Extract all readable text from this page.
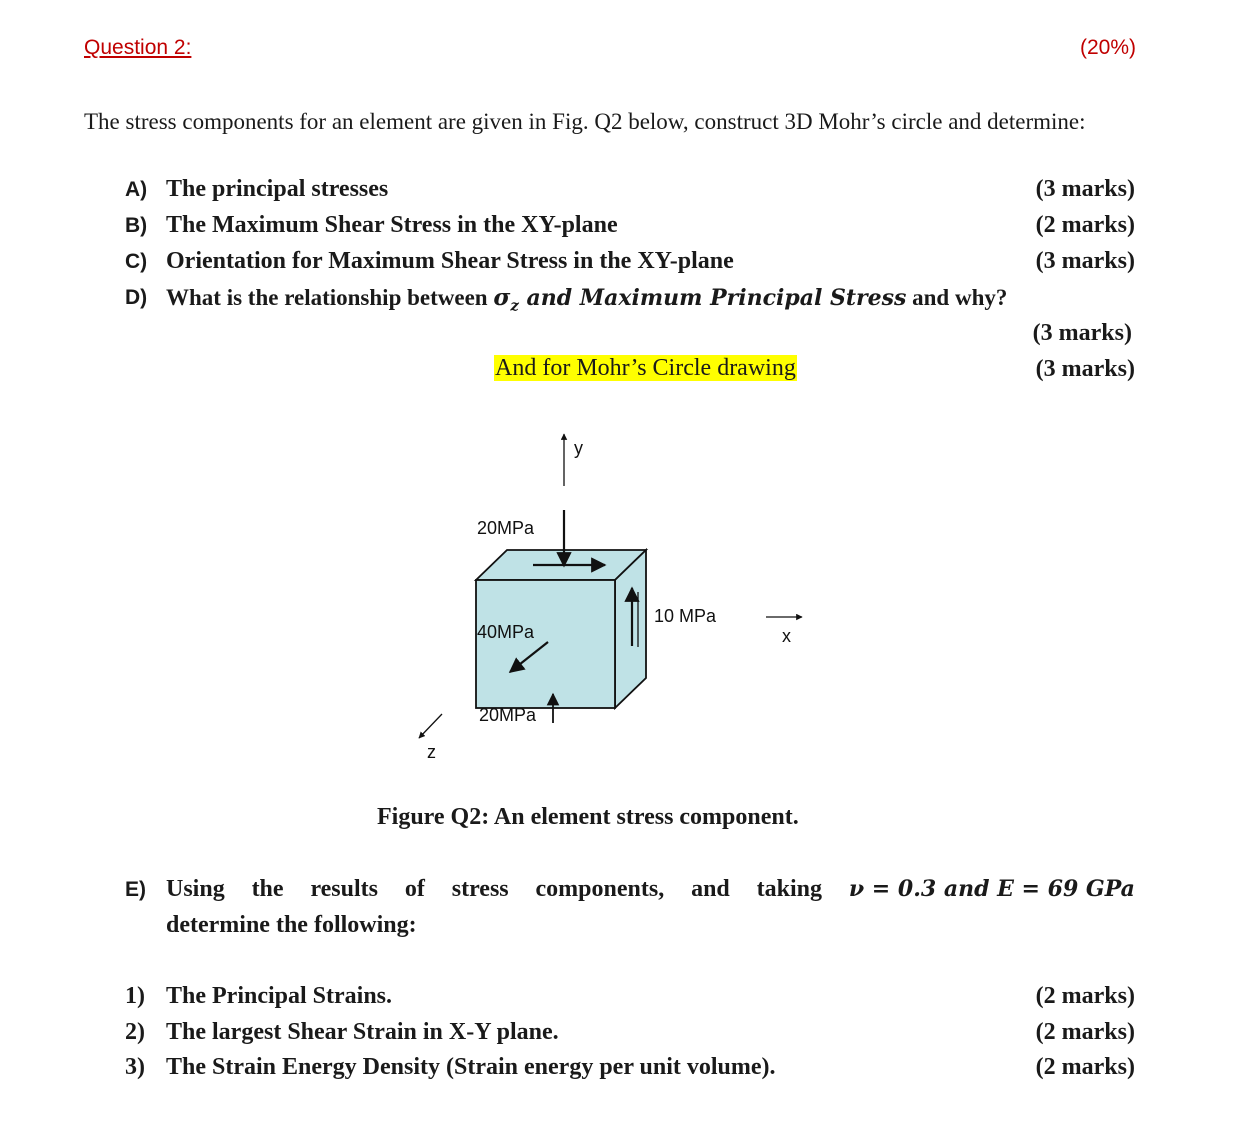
Question 2:	(20%)
The stress components for an element are given in Fig. Q2 below, construct 3D Mohr’s circle and determine:
A) The principal stresses	(3 marks)
B) The Maximum Shear Stress in the XY-plane	(2 marks)
C) Orientation for Maximum Shear Stress in the XY-plane	(3 marks)
D) What is the relationship between $\sigma_z$ and Maximum Principal Stress and why?
(3 marks)
And for Mohr’s Circle drawing	(3 marks)
y
20MPa
10 MPa
x
40MPa
20MPa
z
Figure Q2: An element stress component.
E) Using the results of stress components, and taking ν = 0.3 and E = 69 GPa
determine the following:
1) The Principal Strains.	(2 marks)
2) The largest Shear Strain in X-Y plane.	(2 marks)
3) The Strain Energy Density (Strain energy per unit volume).	(2 marks)
